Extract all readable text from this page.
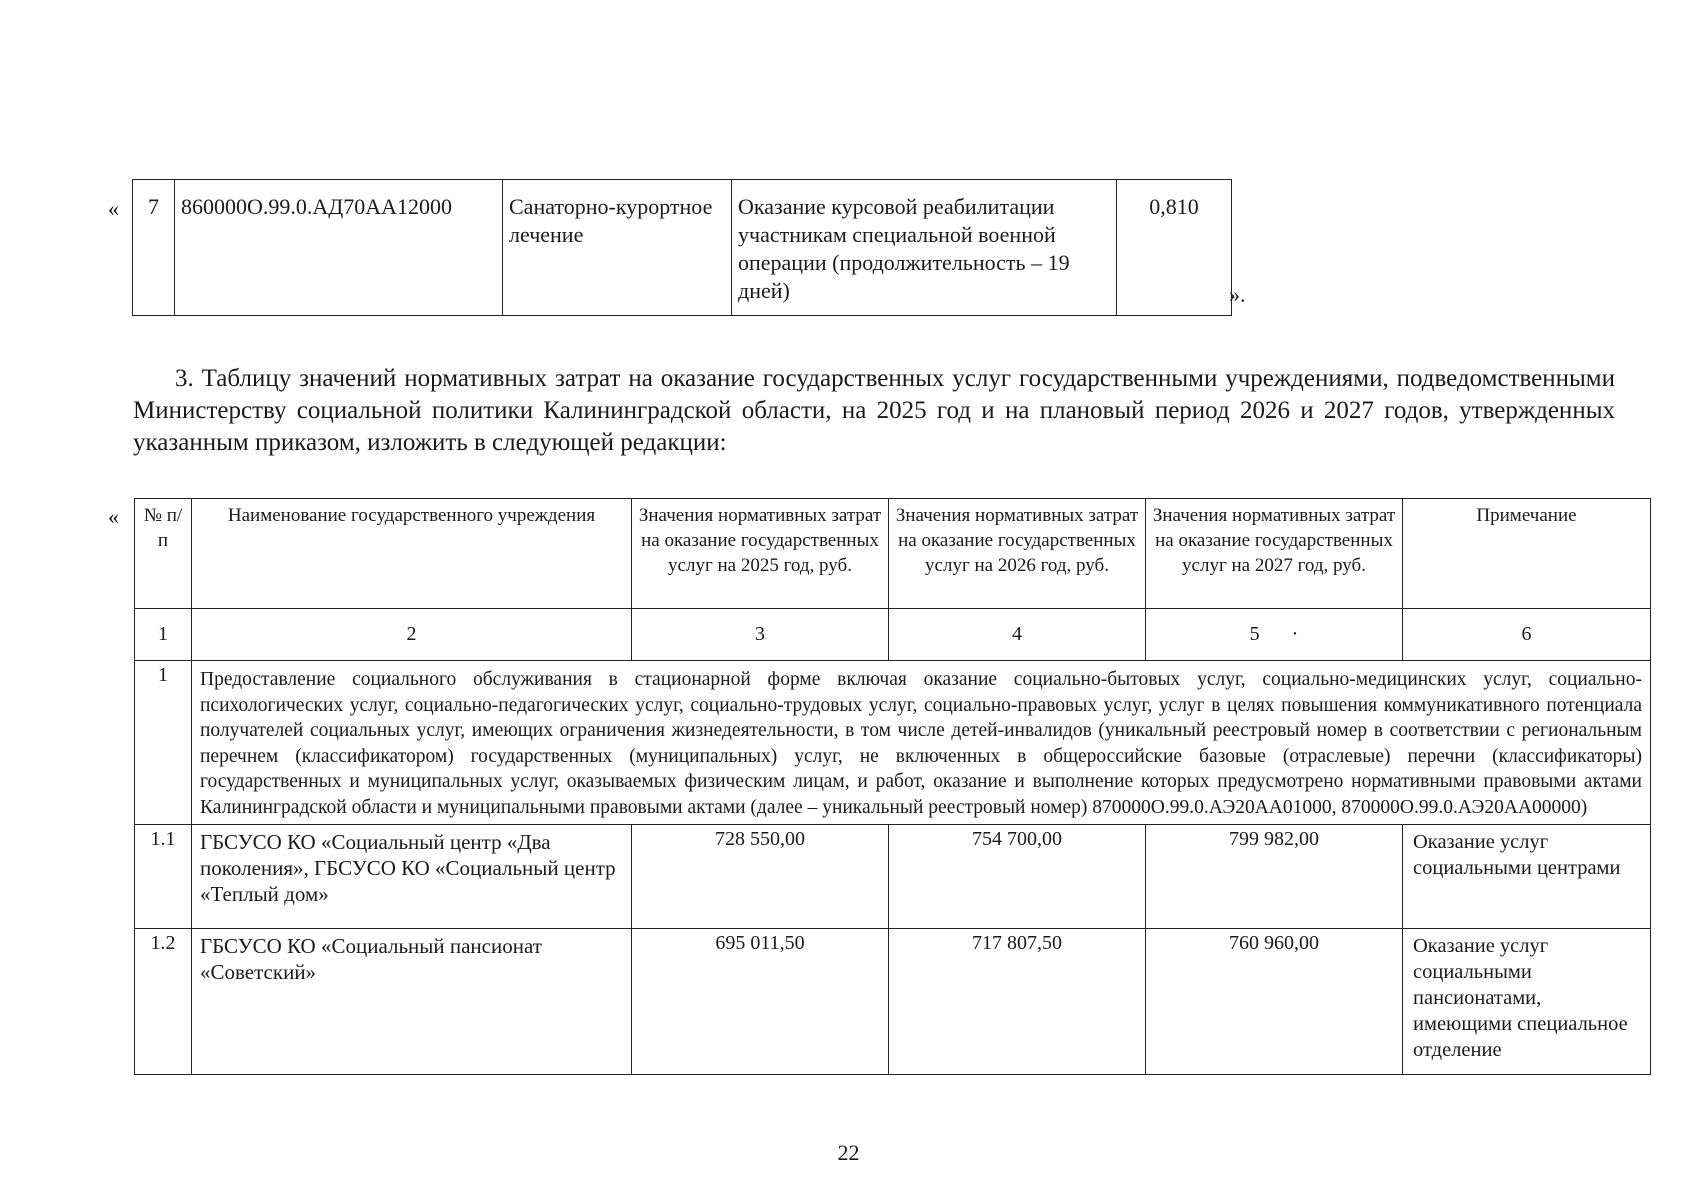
« 7	860000О.99.0.АД70АА12000	Санаторно-курортное лечение	Оказание курсовой реабилитации участникам специальной военной операции (продолжительность – 19 дней)	0,810
».
3. Таблицу значений нормативных затрат на оказание государственных услуг государственными учреждениями, подведомственными Министерству социальной политики Калининградской области, на 2025 год и на плановый период 2026 и 2027 годов, утвержденных указанным приказом, изложить в следующей редакции:
« № п/п	Наименование государственного учреждения	Значения нормативных затрат на оказание государственных услуг на 2025 год, руб.	Значения нормативных затрат на оказание государственных услуг на 2026 год, руб.	Значения нормативных затрат на оказание государственных услуг на 2027 год, руб.	Примечание
1	2	3	4	5 ·	6
1	Предоставление социального обслуживания в стационарной форме включая оказание социально-бытовых услуг, социально-медицинских услуг, социально-психологических услуг, социально-педагогических услуг, социально-трудовых услуг, социально-правовых услуг, услуг в целях повышения коммуникативного потенциала получателей социальных услуг, имеющих ограничения жизнедеятельности, в том числе детей-инвалидов (уникальный реестровый номер в соответствии с региональным перечнем (классификатором) государственных (муниципальных) услуг, не включенных в общероссийские базовые (отраслевые) перечни (классификаторы) государственных и муниципальных услуг, оказываемых физическим лицам, и работ, оказание и выполнение которых предусмотрено нормативными правовыми актами Калининградской области и муниципальными правовыми актами (далее – уникальный реестровый номер) 870000О.99.0.АЭ20АА01000, 870000О.99.0.АЭ20АА00000)				
1.1	ГБСУСО КО «Социальный центр «Два поколения», ГБСУСО КО «Социальный центр «Теплый дом»	728 550,00	754 700,00	799 982,00	Оказание услуг социальными центрами
1.2	ГБСУСО КО «Социальный пансионат «Советский»	695 011,50	717 807,50	760 960,00	Оказание услуг социальными пансионатами, имеющими специальное отделение
22
